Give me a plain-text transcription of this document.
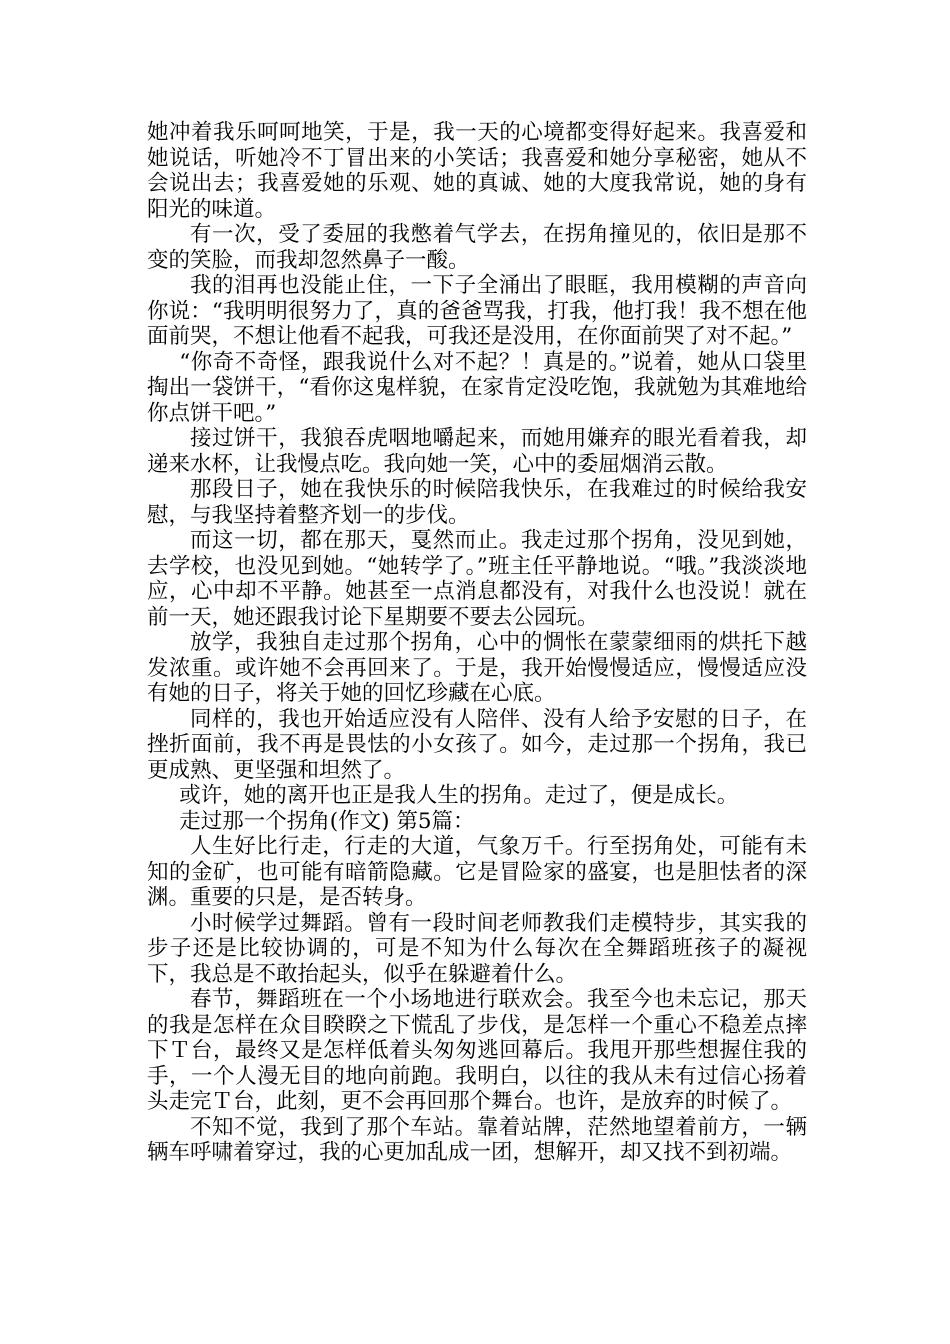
她冲着我乐呵呵地笑，于是，我一天的心境都变得好起来。我喜爱和她说话，听她冷不丁冒出来的小笑话；我喜爱和她分享秘密，她从不会说出去；我喜爱她的乐观、她的真诚、她的大度我常说，她的身有阳光的味道。

有一次，受了委屈的我憋着气学去，在拐角撞见的，依旧是那不变的笑脸，而我却忽然鼻子一酸。

我的泪再也没能止住，一下子全涌出了眼眶，我用模糊的声音向你说：“我明明很努力了，真的爸爸骂我，打我，他打我！我不想在他面前哭，不想让他看不起我，可我还是没用，在你面前哭了对不起。”

“你奇不奇怪，跟我说什么对不起？！真是的。”说着，她从口袋里掏出一袋饼干，“看你这鬼样貌，在家肯定没吃饱，我就勉为其难地给你点饼干吧。”

接过饼干，我狼吞虎咽地嚼起来，而她用嫌弃的眼光看着我，却递来水杯，让我慢点吃。我向她一笑，心中的委屈烟消云散。

那段日子，她在我快乐的时候陪我快乐，在我难过的时候给我安慰，与我坚持着整齐划一的步伐。

而这一切，都在那天，戛然而止。我走过那个拐角，没见到她，去学校，也没见到她。“她转学了。”班主任平静地说。“哦。”我淡淡地应，心中却不平静。她甚至一点消息都没有，对我什么也没说！就在前一天，她还跟我讨论下星期要不要去公园玩。

放学，我独自走过那个拐角，心中的惆怅在蒙蒙细雨的烘托下越发浓重。或许她不会再回来了。于是，我开始慢慢适应，慢慢适应没有她的日子，将关于她的回忆珍藏在心底。

同样的，我也开始适应没有人陪伴、没有人给予安慰的日子，在挫折面前，我不再是畏怯的小女孩了。如今，走过那一个拐角，我已更成熟、更坚强和坦然了。

或许，她的离开也正是我人生的拐角。走过了，便是成长。

走过那一个拐角(作文) 第5篇：

人生好比行走，行走的大道，气象万千。行至拐角处，可能有未知的金矿，也可能有暗箭隐藏。它是冒险家的盛宴，也是胆怯者的深渊。重要的只是，是否转身。

小时候学过舞蹈。曾有一段时间老师教我们走模特步，其实我的步子还是比较协调的，可是不知为什么每次在全舞蹈班孩子的凝视下，我总是不敢抬起头，似乎在躲避着什么。

春节，舞蹈班在一个小场地进行联欢会。我至今也未忘记，那天的我是怎样在众目睽睽之下慌乱了步伐，是怎样一个重心不稳差点摔下Ｔ台，最终又是怎样低着头匆匆逃回幕后。我甩开那些想握住我的手，一个人漫无目的地向前跑。我明白，以往的我从未有过信心扬着头走完Ｔ台，此刻，更不会再回那个舞台。也许，是放弃的时候了。

不知不觉，我到了那个车站。靠着站牌，茫然地望着前方，一辆辆车呼啸着穿过，我的心更加乱成一团，想解开，却又找不到初端。
